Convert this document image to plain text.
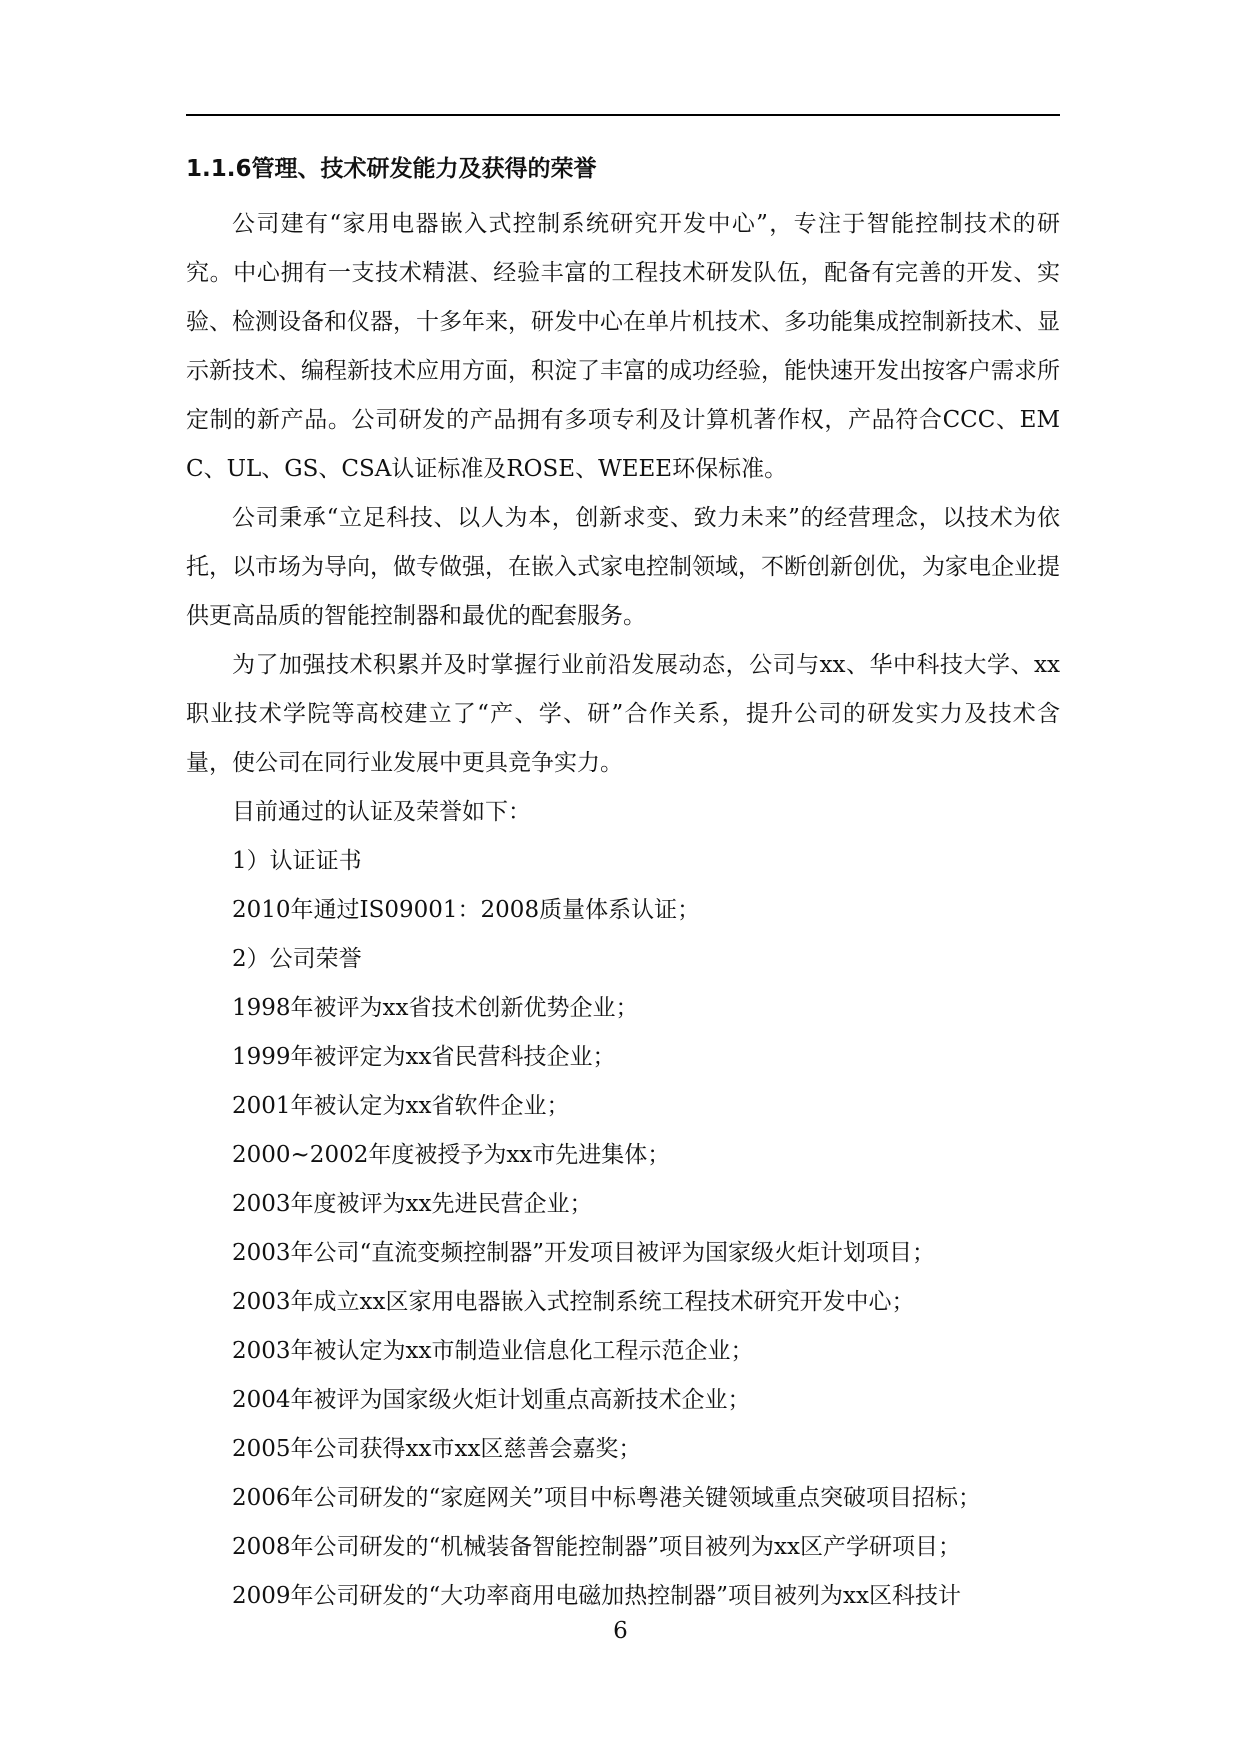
1.1.6管理、技术研发能力及获得的荣誉

公司建有“家用电器嵌入式控制系统研究开发中心”，专注于智能控制技术的研究。中心拥有一支技术精湛、经验丰富的工程技术研发队伍，配备有完善的开发、实验、检测设备和仪器，十多年来，研发中心在单片机技术、多功能集成控制新技术、显示新技术、编程新技术应用方面，积淀了丰富的成功经验，能快速开发出按客户需求所定制的新产品。公司研发的产品拥有多项专利及计算机著作权，产品符合CCC、EMC、UL、GS、CSA认证标准及ROSE、WEEE环保标准。

公司秉承“立足科技、以人为本，创新求变、致力未来”的经营理念，以技术为依托，以市场为导向，做专做强，在嵌入式家电控制领域，不断创新创优，为家电企业提供更高品质的智能控制器和最优的配套服务。

为了加强技术积累并及时掌握行业前沿发展动态，公司与xx、华中科技大学、xx职业技术学院等高校建立了“产、学、研”合作关系，提升公司的研发实力及技术含量，使公司在同行业发展中更具竞争实力。

目前通过的认证及荣誉如下：
1）认证证书
2010年通过IS09001：2008质量体系认证；
2）公司荣誉
1998年被评为xx省技术创新优势企业；
1999年被评定为xx省民营科技企业；
2001年被认定为xx省软件企业；
2000~2002年度被授予为xx市先进集体；
2003年度被评为xx先进民营企业；
2003年公司“直流变频控制器”开发项目被评为国家级火炬计划项目；
2003年成立xx区家用电器嵌入式控制系统工程技术研究开发中心；
2003年被认定为xx市制造业信息化工程示范企业；
2004年被评为国家级火炬计划重点高新技术企业；
2005年公司获得xx市xx区慈善会嘉奖；
2006年公司研发的“家庭网关”项目中标粤港关键领域重点突破项目招标；
2008年公司研发的“机械装备智能控制器”项目被列为xx区产学研项目；
2009年公司研发的“大功率商用电磁加热控制器”项目被列为xx区科技计
6
